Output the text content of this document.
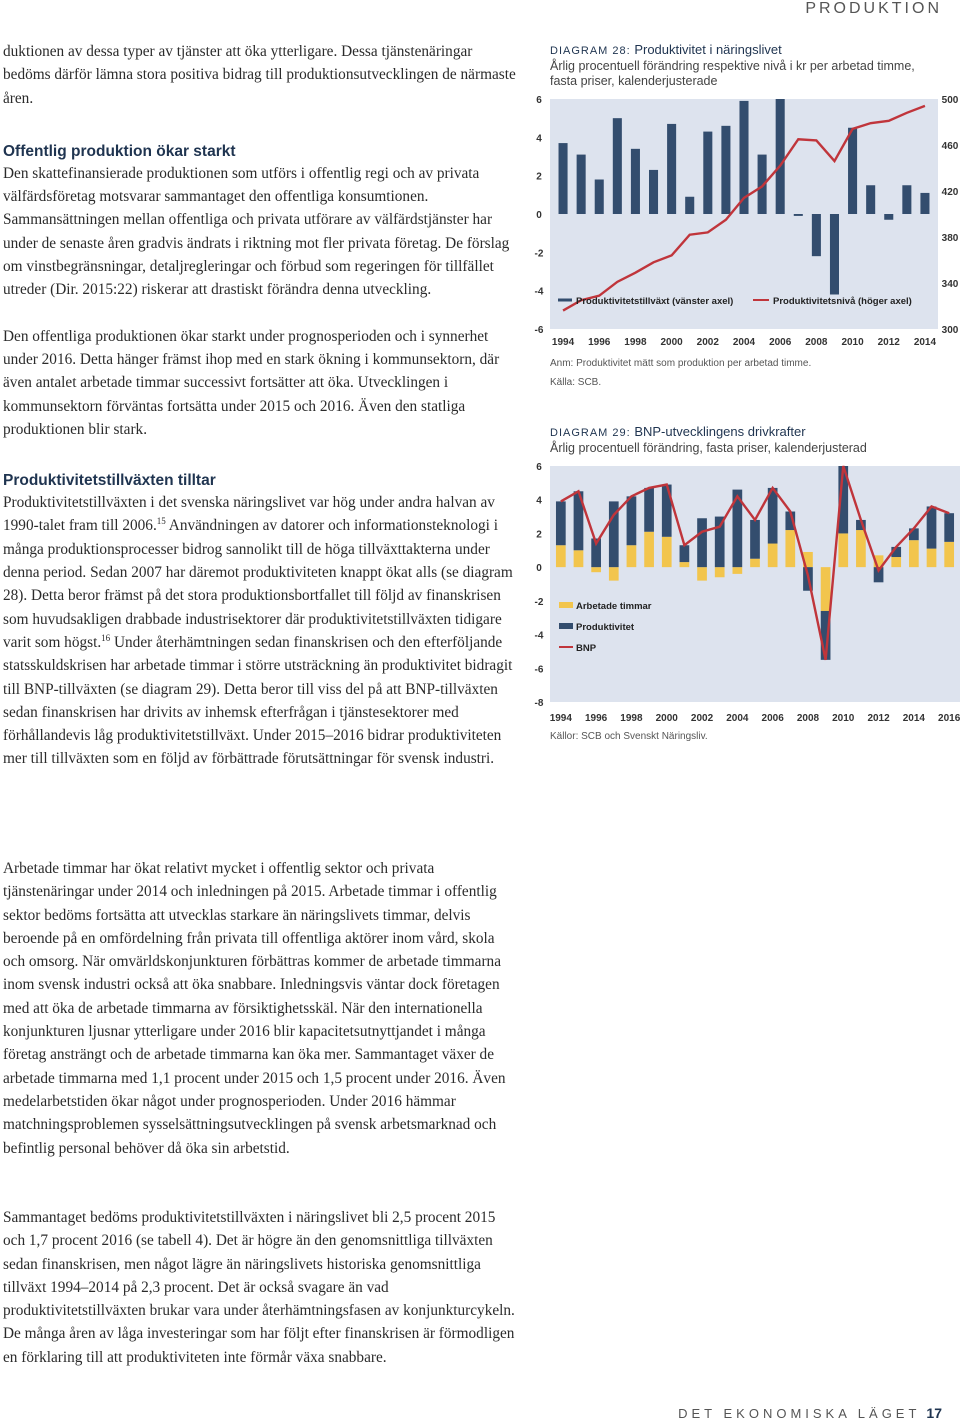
PRODUKTION

duktionen av dessa typer av tjänster att öka ytterligare. Dessa tjänstenäringar bedöms därför lämna stora positiva bidrag till produktionsutvecklingen de närmaste åren.

Offentlig produktion ökar starkt

Den skattefinansierade produktionen som utförs i offentlig regi och av privata välfärdsföretag motsvarar sammantaget den offentliga konsumtionen. Sammansättningen mellan offentliga och privata utförare av välfärdstjänster har under de senaste åren gradvis ändrats i riktning mot fler privata företag. De förslag om vinstbegränsningar, detaljregleringar och förbud som regeringen för tillfället utreder (Dir. 2015:22) riskerar att drastiskt förändra denna utveckling.

Den offentliga produktionen ökar starkt under prognosperioden och i synnerhet under 2016. Detta hänger främst ihop med en stark ökning i kommunsektorn, där även antalet arbetade timmar successivt fortsätter att öka. Utvecklingen i kommunsektorn förväntas fortsätta under 2015 och 2016. Även den statliga produktionen blir stark.

Produktivitetstillväxten tilltar

Produktivitetstillväxten i det svenska näringslivet var hög under andra halvan av 1990-talet fram till 2006.15 Användningen av datorer och informationsteknologi i många produktionsprocesser bidrog sannolikt till de höga tillväxttakterna under denna period. Sedan 2007 har däremot produktiviteten knappt ökat alls (se diagram 28). Detta beror främst på det stora produktionsbortfallet till följd av finanskrisen som huvudsakligen drabbade industrisektorer där produktivitetstillväxten tidigare varit som högst.$^{16}$ Under återhämtningen sedan finanskrisen och den efterföljande statsskuldskrisen har arbetade timmar i större utsträckning än produktivitet bidragit till BNP-tillväxten (se diagram 29). Detta beror till viss del på att BNP-tillväxten sedan finanskrisen har drivits av inhemsk efterfrågan i tjänstesektorer med förhållandevis låg produktivitetstillväxt. Under 2015–2016 bidrar produktiviteten mer till tillväxten som en följd av förbättrade förutsättningar för svensk industri.

Arbetade timmar har ökat relativt mycket i offentlig sektor och privata tjänstenäringar under 2014 och inledningen på 2015. Arbetade timmar i offentlig sektor bedöms fortsätta att utvecklas starkare än näringslivets timmar, delvis beroende på en omfördelning från privata till offentliga aktörer inom vård, skola och omsorg. När omvärldskonjunkturen förbättras kommer de arbetade timmarna inom svensk industri också att öka snabbare. Inledningsvis väntar dock företagen med att öka de arbetade timmarna av försiktighetsskäl. När den internationella konjunkturen ljusnar ytterligare under 2016 blir kapacitetsutnyttjandet i många företag ansträngt och de arbetade timmarna kan öka mer. Sammantaget växer de arbetade timmarna med 1,1 procent under 2015 och 1,5 procent under 2016. Även medelarbetstiden ökar något under prognosperioden. Under 2016 hämmar matchningsproblemen sysselsättningsutvecklingen på svensk arbetsmarknad och befintlig personal behöver då öka sin arbetstid.

Sammantaget bedöms produktivitetstillväxten i näringslivet bli 2,5 procent 2015 och 1,7 procent 2016 (se tabell 4). Det är högre än den genomsnittliga tillväxten sedan finanskrisen, men något lägre än näringslivets historiska genomsnittliga tillväxt 1994–2014 på 2,3 procent. Det är också svagare än vad produktivitetstillväxten brukar vara under återhämtningsfasen av konjunkturcykeln. De många åren av låga investeringar som har följt efter finanskrisen är förmodligen en förklaring till att produktiviteten inte förmår växa snabbare.

DIAGRAM 28: Produktivitet i näringslivet
Årlig procentuell förändring respektive nivå i kr per arbetad timme, fasta priser, kalenderjusterade
6
4
2
0
-2
-4
-6
500
460
420
380
340
300
Produktivitetstillväxt (vänster axel)	Produktivitetsnivå (höger axel)
1994 1996 1998 2000 2002 2004 2006 2008 2010 2012 2014
Anm: Produktivitet mätt som produktion per arbetad timme.
Källa: SCB.
DIAGRAM 29: BNP-utvecklingens drivkrafter
Årlig procentuell förändring, fasta priser, kalenderjusterad
6
4
2
0
-2
-4
-6
-8
Arbetade timmar
Produktivitet
BNP
1994 1996 1998 2000 2002 2004 2006 2008 2010 2012 2014 2016
Källor: SCB och Svenskt Näringsliv.
DET EKONOMISKA LÄGET 17
